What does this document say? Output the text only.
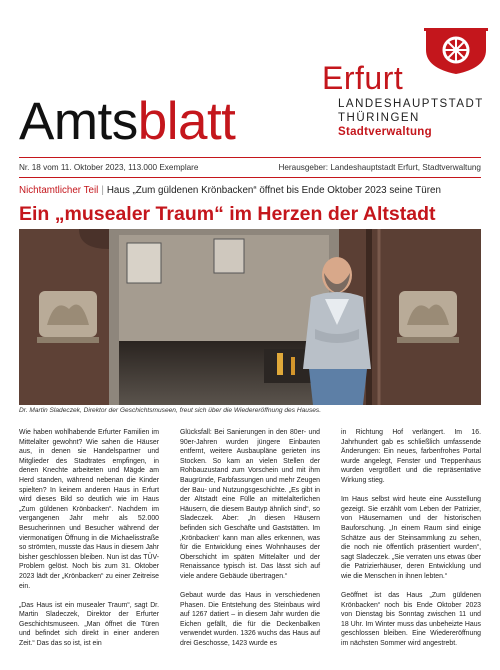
Amtsblatt
Erfurt
LANDESHAUPTSTADT
THÜRINGEN
Stadtverwaltung
Nr. 18 vom 11. Oktober 2023, 113.000 Exemplare	Herausgeber: Landeshauptstadt Erfurt, Stadtverwaltung
Nichtamtlicher Teil | Haus „Zum güldenen Krönbacken“ öffnet bis Ende Oktober 2023 seine Türen
Ein „musealer Traum“ im Herzen der Altstadt
Dr. Martin Sladeczek, Direktor der Geschichtsmuseen, freut sich über die Wiedereröffnung des Hauses.

Wie haben wohlhabende Erfurter Familien im Mittelalter gewohnt? Wie sahen die Häuser aus, in denen sie Handelspartner und Mitglieder des Stadtrates empfingen, in denen Knechte arbeiteten und Mägde am Herd standen, während nebenan die Kinder spielten? In keinem anderen Haus in Erfurt wird dieses Bild so deutlich wie im Haus „Zum güldenen Krönbacken“. Nachdem im vergangenen Jahr mehr als 52.000 Besucherinnen und Besucher während der viermonatigen Öffnung in die Michaelisstraße so strömten, musste das Haus in diesem Jahr bisher geschlossen bleiben. Nun ist das TÜV-Problem gelöst. Noch bis zum 31. Oktober 2023 lädt der „Krönbacken“ zu einer Zeitreise ein.

„Das Haus ist ein musealer Traum“, sagt Dr. Martin Sladeczek, Direktor der Erfurter Geschichtsmuseen. „Man öffnet die Türen und befindet sich direkt in einer anderen Zeit.“ Das das so ist, ist ein

Glücksfall: Bei Sanierungen in den 80er- und 90er-Jahren wurden jüngere Einbauten entfernt, weitere Ausbaupläne gerieten ins Stocken. So kam an vielen Stellen der Rohbauzustand zum Vorschein und mit ihm Baugründe, Farbfassungen und mehr Zeugen der Bau- und Nutzungsgeschichte. „Es gibt in der Altstadt eine Fülle an mittelalterlichen Häusern, die diesem Bautyp ähnlich sind“, so Sladeczek. Aber: „In diesen Häusern befinden sich Geschäfte und Gaststätten. Im ‚Krönbacken‘ kann man alles erkennen, was für die Entwicklung eines Wohnhauses der Oberschicht im späten Mittelalter und der Renaissance typisch ist. Das lässt sich auf viele andere Gebäude übertragen.“

Gebaut wurde das Haus in verschiedenen Phasen. Die Entstehung des Steinbaus wird auf 1267 datiert – in diesem Jahr wurden die Eichen gefällt, die für die Deckenbalken verwendet wurden. 1326 wuchs das Haus auf drei Geschosse, 1423 wurde es

in Richtung Hof verlängert. Im 16. Jahrhundert gab es schließlich umfassende Änderungen: Ein neues, farbenfrohes Portal wurde angelegt, Fenster und Treppenhaus wurden vergrößert und die repräsentative Wirkung stieg.

Im Haus selbst wird heute eine Ausstellung gezeigt. Sie erzählt vom Leben der Patrizier, von Häusernamen und der historischen Bauforschung. „In einem Raum sind einige Schätze aus der Steinsammlung zu sehen, die noch nie öffentlich präsentiert wurden“, sagt Sladeczek. „Sie verraten uns etwas über die Patrizierhäuser, deren Entwicklung und wie die Menschen in ihnen lebten.“

Geöffnet ist das Haus „Zum güldenen Krönbacken“ noch bis Ende Oktober 2023 von Dienstag bis Sonntag zwischen 11 und 18 Uhr. Im Winter muss das unbeheizte Haus geschlossen bleiben. Eine Wiedereröffnung im nächsten Sommer wird angestrebt.
